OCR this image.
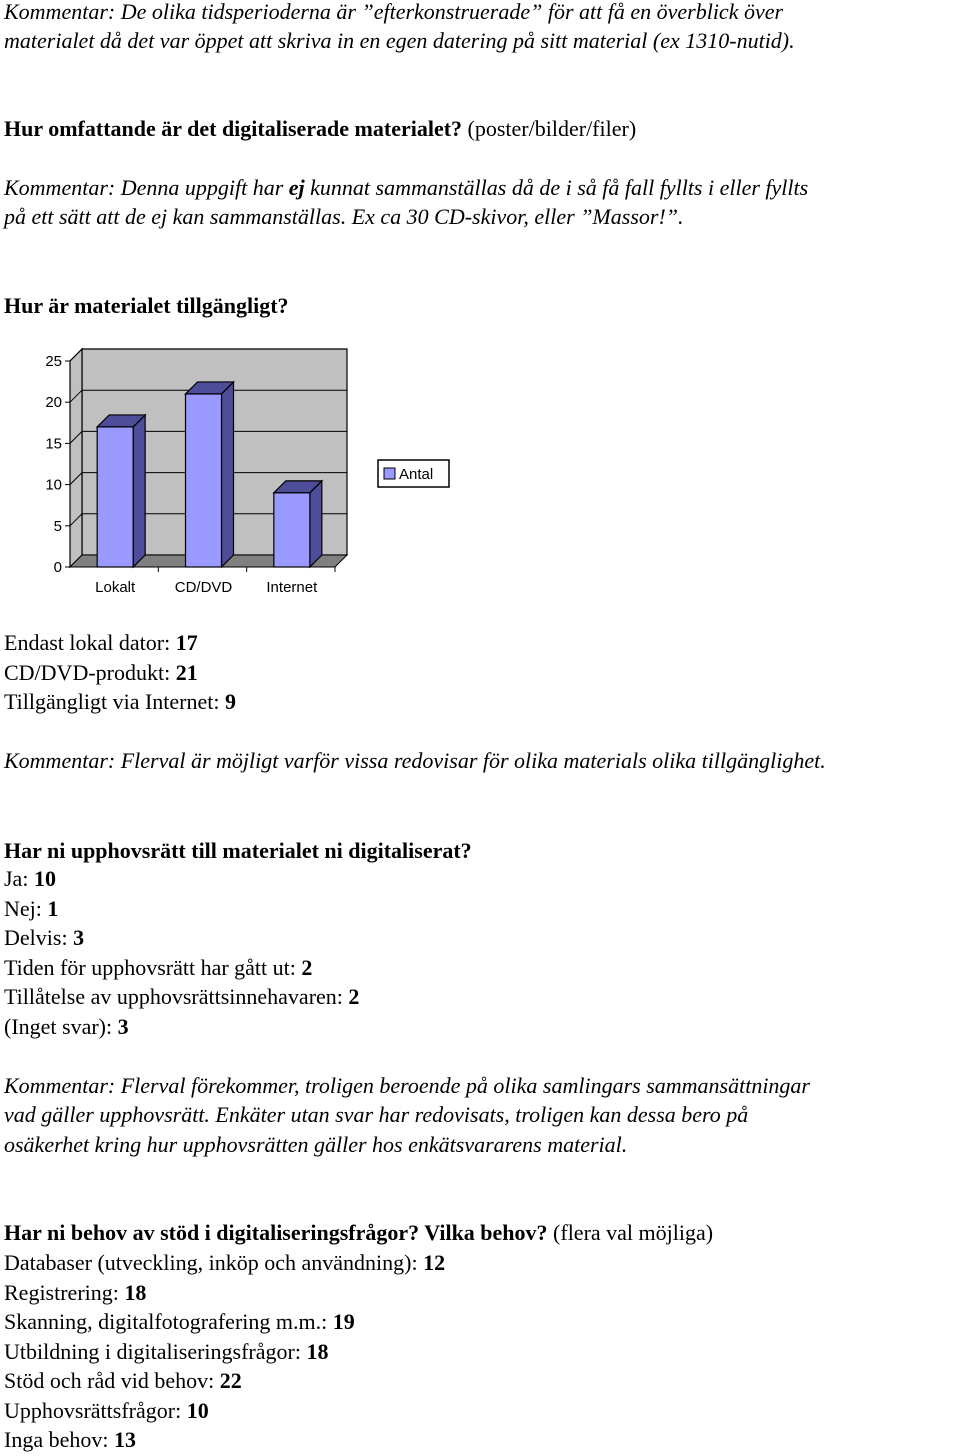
Kommentar: De olika tidsperioderna är ”efterkonstruerade” för att få en överblick över
materialet då det var öppet att skriva in en egen datering på sitt material (ex 1310-nutid).
Hur omfattande är det digitaliserade materialet? (poster/bilder/filer)
Kommentar: Denna uppgift har ej kunnat sammanställas då de i så få fall fyllts i eller fyllts
på ett sätt att de ej kan sammanställas. Ex ca 30 CD-skivor, eller ”Massor!”.
Hur är materialet tillgängligt?
0
5
10
15
20
25
Lokalt	CD/DVD Internet
Antal
Endast lokal dator: 17
CD/DVD-produkt: 21
Tillgängligt via Internet: 9
Kommentar: Flerval är möjligt varför vissa redovisar för olika materials olika tillgänglighet.
Har ni upphovsrätt till materialet ni digitaliserat?
Ja: 10
Nej: 1
Delvis: 3
Tiden för upphovsrätt har gått ut: 2
Tillåtelse av upphovsrättsinnehavaren: 2
(Inget svar): 3
Kommentar: Flerval förekommer, troligen beroende på olika samlingars sammansättningar
vad gäller upphovsrätt. Enkäter utan svar har redovisats, troligen kan dessa bero på
osäkerhet kring hur upphovsrätten gäller hos enkätsvararens material.
Har ni behov av stöd i digitaliseringsfrågor? Vilka behov? (flera val möjliga)
Databaser (utveckling, inköp och användning): 12
Registrering: 18
Skanning, digitalfotografering m.m.: 19
Utbildning i digitaliseringsfrågor: 18
Stöd och råd vid behov: 22
Upphovsrättsfrågor: 10
Inga behov: 13
